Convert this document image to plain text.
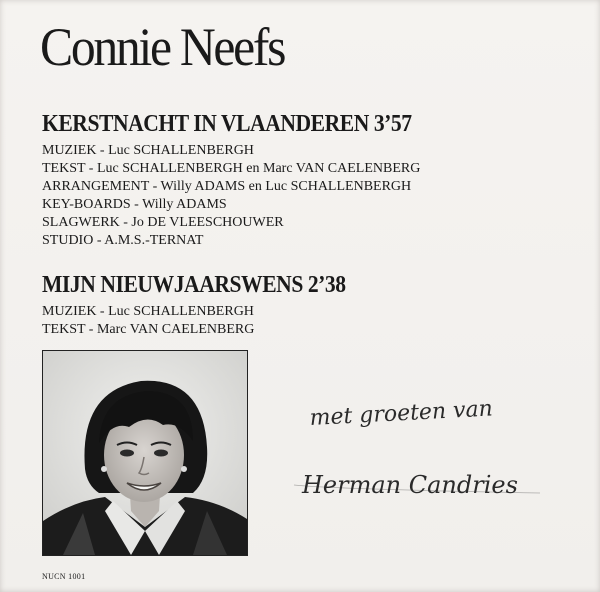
Connie Neefs
KERSTNACHT IN VLAANDEREN 3’57
MUZIEK - Luc SCHALLENBERGH
TEKST - Luc SCHALLENBERGH en Marc VAN CAELENBERG
ARRANGEMENT - Willy ADAMS en Luc SCHALLENBERGH
KEY-BOARDS - Willy ADAMS
SLAGWERK - Jo DE VLEESCHOUWER
STUDIO - A.M.S.-TERNAT
MIJN NIEUWJAARSWENS 2’38
MUZIEK - Luc SCHALLENBERGH
TEKST - Marc VAN CAELENBERG
met groeten van
Herman Candries
NUCN 1001
